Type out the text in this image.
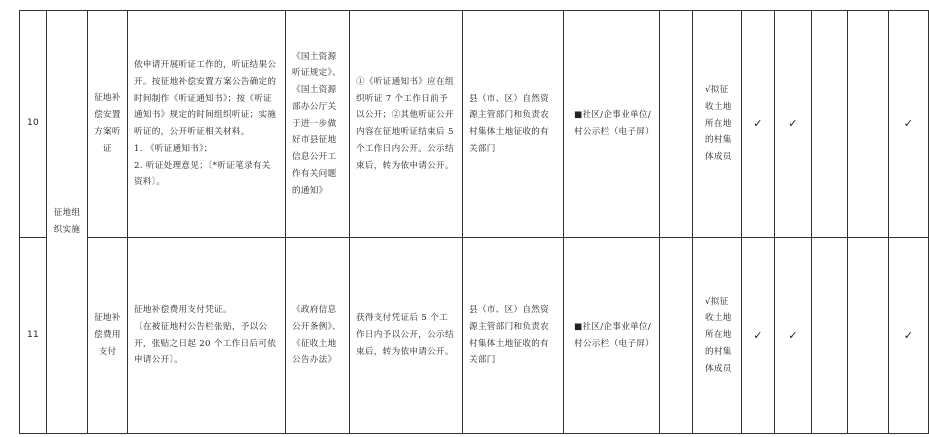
10	征地组织实施	征地补偿安置方案听证	依申请开展听证工作的，听证结果公开。按征地补偿安置方案公告确定的时间制作《听证通知书》；按《听证通知书》规定的时间组织听证；实施听证的，公开听证相关材料。

1. 《听证通知书》；

2. 听证处理意见；〔*听证笔录有关资料〕。	《国土资源听证规定》、《国土资源部办公厅关于进一步做好市县征地信息公开工作有关问题的通知》	①《听证通知书》应在组织听证 7 个工作日前予以公开；②其他听证公开内容在征地听证结束后 5 个工作日内公开。公示结束后，转为依申请公开。	县（市、区）自然资源主管部门和负责农村集体土地征收的有关部门	■社区/企事业单位/村公示栏（电子屏）		√拟征收土地所在地的村集体成员	✓	✓			✓
11		征地补偿费用支付	征地补偿费用支付凭证。

〔在被征地村公告栏张贴，予以公开，张贴之日起 20 个工作日后可依申请公开〕。	《政府信息公开条例》、《征收土地公告办法》	获得支付凭证后 5 个工作日内予以公开，公示结束后，转为依申请公开。	县（市、区）自然资源主管部门和负责农村集体土地征收的有关部门	■社区/企事业单位/村公示栏（电子屏）		√拟征收土地所在地的村集体成员	✓	✓			✓
